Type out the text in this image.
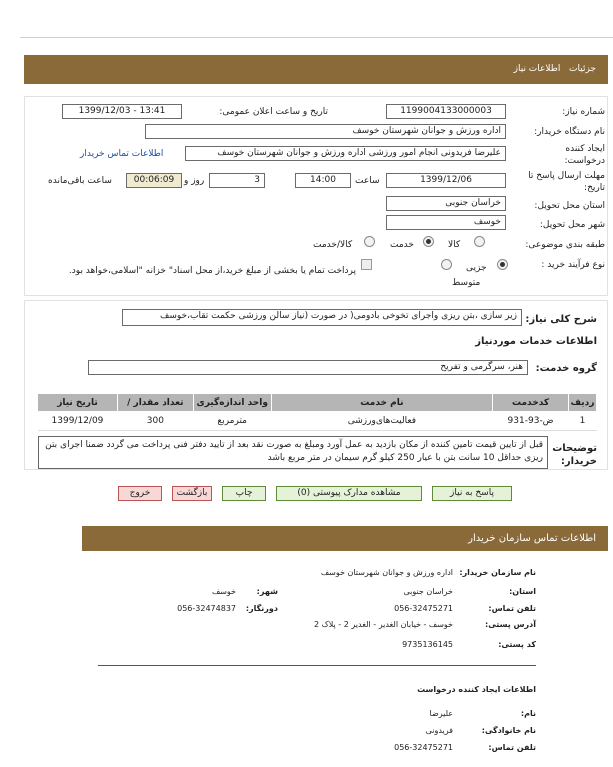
جزئیات   اطلاعات نیاز
شماره نیاز:
1199004133000003
تاریخ و ساعت اعلان عمومی:
1399/12/03 - 13:41
نام دستگاه خریدار:
اداره ورزش و جوانان شهرستان خوسف
ایجاد کننده درخواست:
علیرضا فریدونی انجام امور ورزشی اداره ورزش و جوانان شهرستان خوسف
اطلاعات تماس خریدار
مهلت ارسال پاسخ تا تاریخ:
1399/12/06
ساعت
14:00
3
روز و
00:06:09
ساعت باقی‌مانده
استان محل تحویل:
خراسان جنوبی
شهر محل تحویل:
خوسف
طبقه بندی موضوعی:
کالا
خدمت
کالا/خدمت
نوع فرآیند خرید :
جزیی
متوسط
پرداخت تمام یا بخشی از مبلغ خرید،از محل اسناد" خزانه "اسلامی،خواهد بود.
شرح کلی نیاز:
زیر سازی ،بتن ریزی واجرای تخوخی بادومی( در صورت (نیاز سالن ورزشی حکمت تقاب،خوسف
اطلاعات خدمات موردنیاز
گروه خدمت:
هنر، سرگرمی و تفریح
ردیف	کدخدمت	نام خدمت	واحد اندازه‌گیری	تعداد مقدار /	تاریخ نیاز
1	ض-93-931	فعالیت‌های‌ورزشی	مترمربع	300	1399/12/09
توضیحات خریدار:
قبل از تایین قیمت تامین کننده از مکان بازدید به عمل آورد ومبلغ به صورت نقد بعد از تایید دفتر فنی پرداخت می گردد ضمنا اجرای بتن ریزی حداقل 10 سانت بتن با عیار 250 کیلو گرم سیمان در متر مربع باشد
پاسخ به نیاز
مشاهده مدارک پیوستی (0)
چاپ
بازگشت
خروج
اطلاعات تماس سازمان خریدار
نام سازمان خریدار:
اداره ورزش و جوانان شهرستان خوسف
استان:
خراسان جنوبی
شهر:
خوسف
تلفن تماس:
056-32475271
دورنگار:
056-32474837
آدرس پستی:
خوسف - خیابان الغدیر - الغدیر 2 - پلاک 2
کد پستی:
9735136145
اطلاعات ایجاد کننده درخواست
نام:
علیرضا
نام خانوادگی:
فریدونی
تلفن تماس:
056-32475271
